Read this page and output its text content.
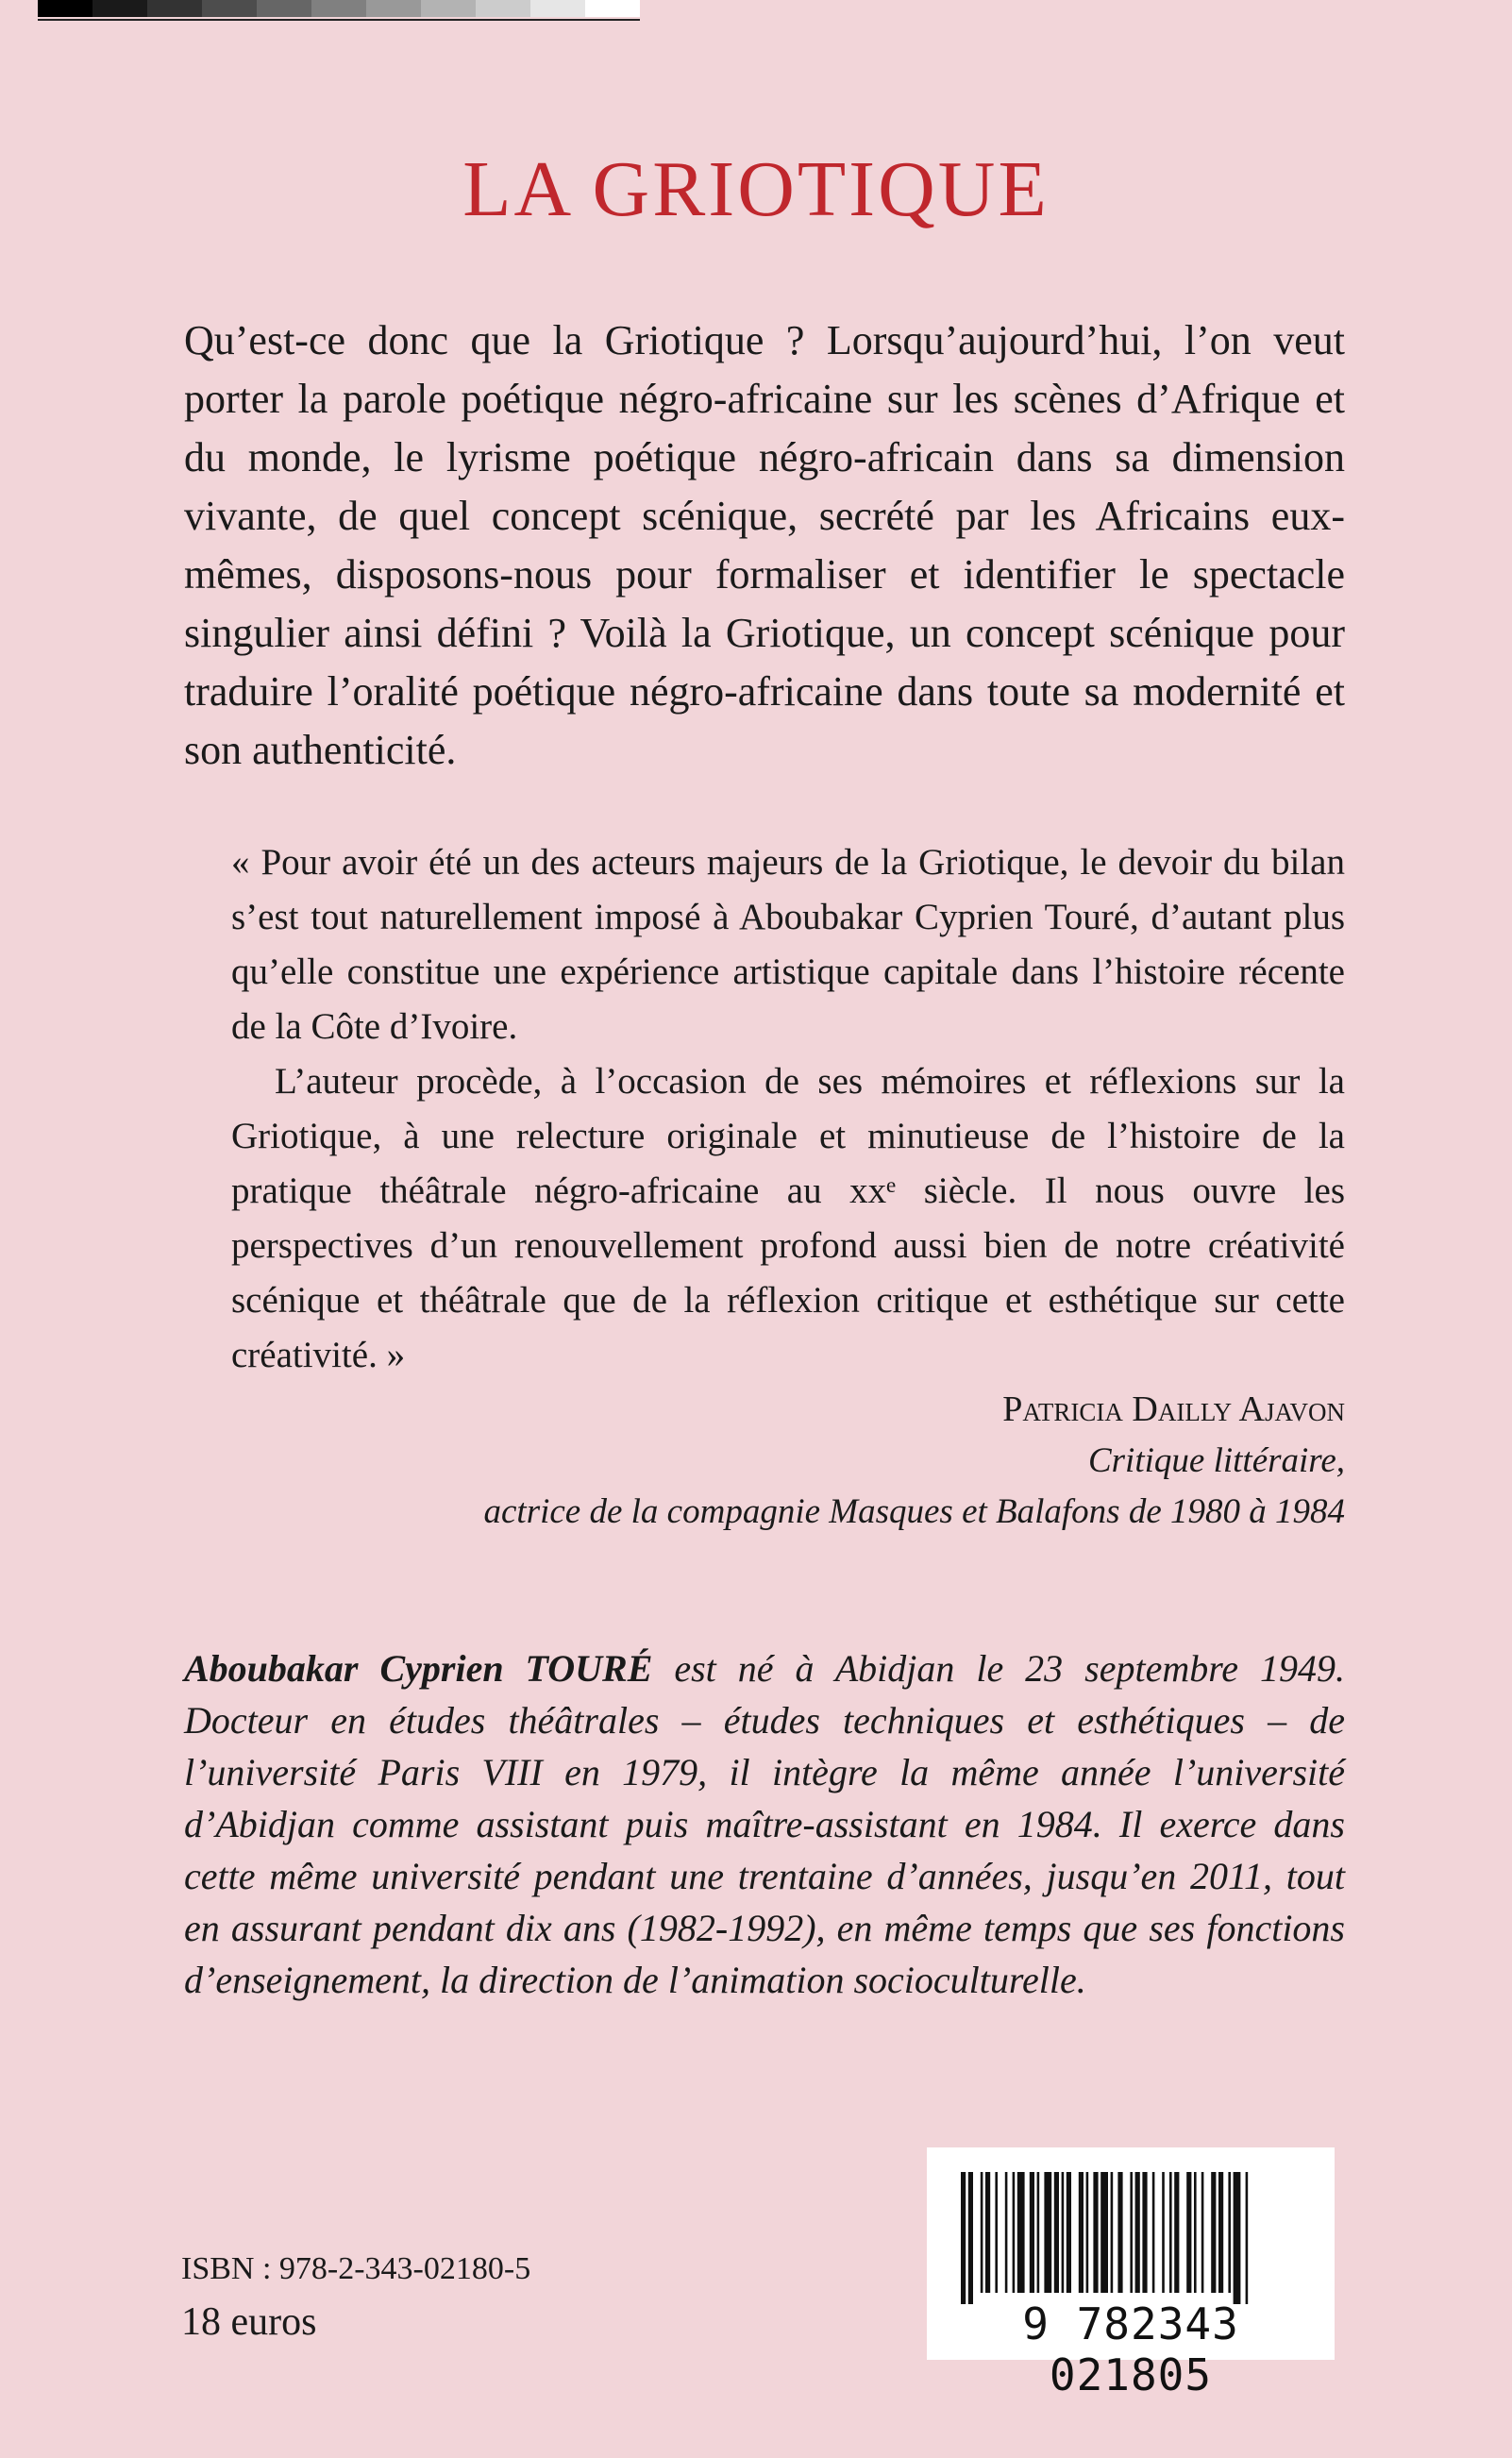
LA GRIOTIQUE

Qu’est-ce donc que la Griotique ? Lorsqu’aujourd’hui, l’on veut porter la parole poétique négro-africaine sur les scènes d’Afrique et du monde, le lyrisme poétique négro-africain dans sa dimension vivante, de quel concept scénique, secrété par les Africains eux-mêmes, disposons-nous pour formaliser et identifier le spectacle singulier ainsi défini ? Voilà la Griotique, un concept scénique pour traduire l’oralité poétique négro-africaine dans toute sa modernité et son authenticité.

« Pour avoir été un des acteurs majeurs de la Griotique, le devoir du bilan s’est tout naturellement imposé à Aboubakar Cyprien Touré, d’autant plus qu’elle constitue une expérience artistique capitale dans l’histoire récente de la Côte d’Ivoire.

L’auteur procède, à l’occasion de ses mémoires et réflexions sur la Griotique, à une relecture originale et minutieuse de l’histoire de la pratique théâtrale négro-africaine au xxᵉ siècle. Il nous ouvre les perspectives d’un renouvellement profond aussi bien de notre créativité scénique et théâtrale que de la réflexion critique et esthétique sur cette créativité. »

Patricia Dailly Ajavon
Critique littéraire,
actrice de la compagnie Masques et Balafons de 1980 à 1984

Aboubakar Cyprien TOURÉ est né à Abidjan le 23 septembre 1949. Docteur en études théâtrales – études techniques et esthétiques – de l’université Paris VIII en 1979, il intègre la même année l’université d’Abidjan comme assistant puis maître-assistant en 1984. Il exerce dans cette même université pendant une trentaine d’années, jusqu’en 2011, tout en assurant pendant dix ans (1982-1992), en même temps que ses fonctions d’enseignement, la direction de l’animation socioculturelle.

ISBN : 978-2-343-02180-5
18 euros	9 782343 021805
